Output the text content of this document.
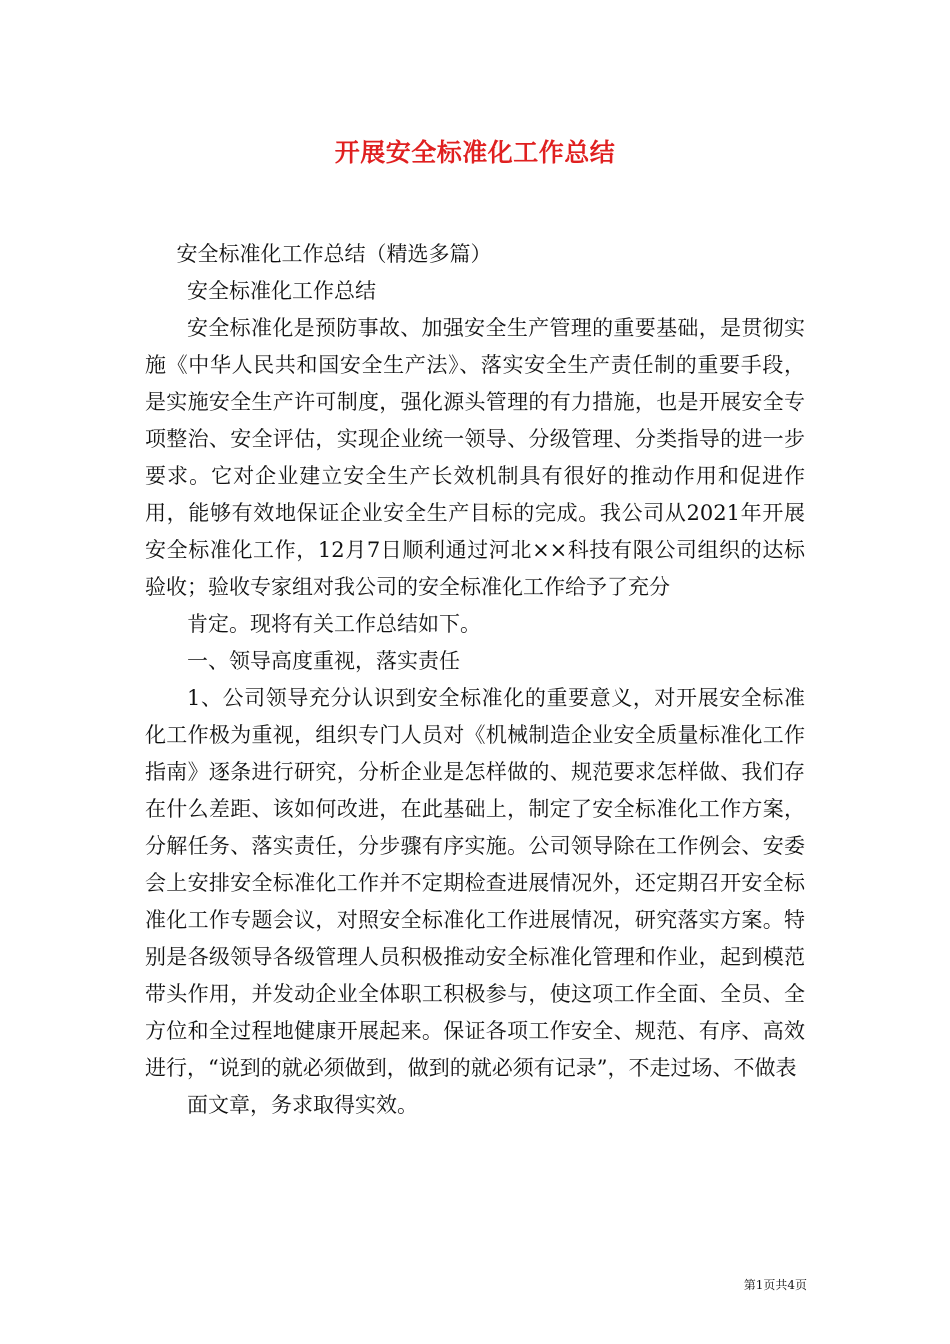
开展安全标准化工作总结

安全标准化工作总结（精选多篇）

安全标准化工作总结

安全标准化是预防事故、加强安全生产管理的重要基础，是贯彻实施《中华人民共和国安全生产法》、落实安全生产责任制的重要手段，是实施安全生产许可制度，强化源头管理的有力措施，也是开展安全专项整治、安全评估，实现企业统一领导、分级管理、分类指导的进一步要求。它对企业建立安全生产长效机制具有很好的推动作用和促进作用，能够有效地保证企业安全生产目标的完成。我公司从2021年开展安全标准化工作，12月7日顺利通过河北××科技有限公司组织的达标验收；验收专家组对我公司的安全标准化工作给予了充分

肯定。现将有关工作总结如下。

一、领导高度重视，落实责任

1、公司领导充分认识到安全标准化的重要意义，对开展安全标准化工作极为重视，组织专门人员对《机械制造企业安全质量标准化工作指南》逐条进行研究，分析企业是怎样做的、规范要求怎样做、我们存在什么差距、该如何改进，在此基础上，制定了安全标准化工作方案，分解任务、落实责任，分步骤有序实施。公司领导除在工作例会、安委会上安排安全标准化工作并不定期检查进展情况外，还定期召开安全标准化工作专题会议，对照安全标准化工作进展情况，研究落实方案。特别是各级领导各级管理人员积极推动安全标准化管理和作业，起到模范带头作用，并发动企业全体职工积极参与，使这项工作全面、全员、全方位和全过程地健康开展起来。保证各项工作安全、规范、有序、高效进行，“说到的就必须做到，做到的就必须有记录”，不走过场、不做表

面文章，务求取得实效。

第1页共4页
